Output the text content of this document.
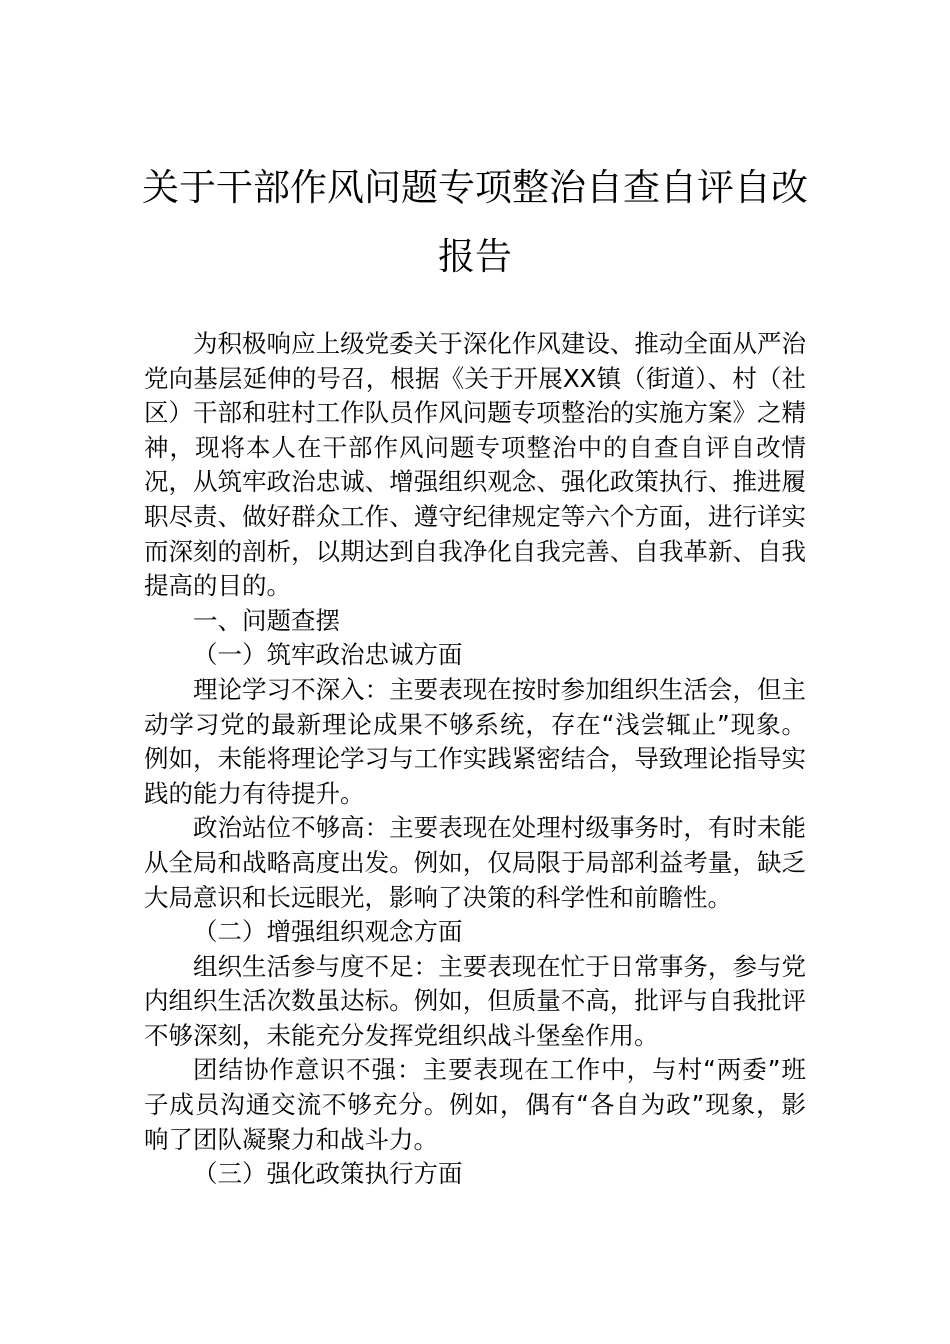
关于干部作风问题专项整治自查自评自改
报告

为积极响应上级党委关于深化作风建设、推动全面从严治党向基层延伸的号召，根据《关于开展XX镇（街道）、村（社区）干部和驻村工作队员作风问题专项整治的实施方案》之精神，现将本人在干部作风问题专项整治中的自查自评自改情况，从筑牢政治忠诚、增强组织观念、强化政策执行、推进履职尽责、做好群众工作、遵守纪律规定等六个方面，进行详实而深刻的剖析，以期达到自我净化自我完善、自我革新、自我提高的目的。

一、问题查摆

（一）筑牢政治忠诚方面

理论学习不深入：主要表现在按时参加组织生活会，但主动学习党的最新理论成果不够系统，存在“浅尝辄止”现象。例如，未能将理论学习与工作实践紧密结合，导致理论指导实践的能力有待提升。

政治站位不够高：主要表现在处理村级事务时，有时未能从全局和战略高度出发。例如，仅局限于局部利益考量，缺乏大局意识和长远眼光，影响了决策的科学性和前瞻性。

（二）增强组织观念方面

组织生活参与度不足：主要表现在忙于日常事务，参与党内组织生活次数虽达标。例如，但质量不高，批评与自我批评不够深刻，未能充分发挥党组织战斗堡垒作用。

团结协作意识不强：主要表现在工作中，与村“两委”班子成员沟通交流不够充分。例如，偶有“各自为政”现象，影响了团队凝聚力和战斗力。

（三）强化政策执行方面
